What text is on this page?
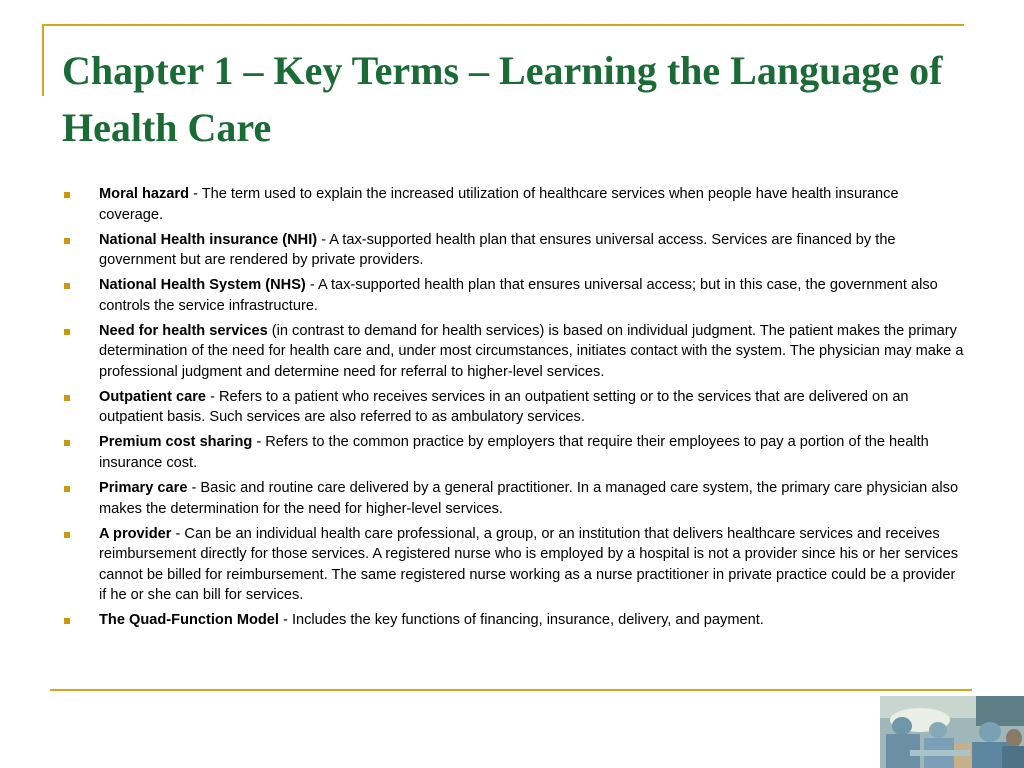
Chapter 1 – Key Terms – Learning the Language of Health Care
Moral hazard - The term used to explain the increased utilization of healthcare services when people have health insurance coverage.
National Health insurance (NHI) - A tax-supported health plan that ensures universal access. Services are financed by the government but are rendered by private providers.
National Health System (NHS) - A tax-supported health plan that ensures universal access; but in this case, the government also controls the service infrastructure.
Need for health services (in contrast to demand for health services) is based on individual judgment. The patient makes the primary determination of the need for health care and, under most circumstances, initiates contact with the system. The physician may make a professional judgment and determine need for referral to higher-level services.
Outpatient care - Refers to a patient who receives services in an outpatient setting or to the services that are delivered on an outpatient basis. Such services are also referred to as ambulatory services.
Premium cost sharing - Refers to the common practice by employers that require their employees to pay a portion of the health insurance cost.
Primary care - Basic and routine care delivered by a general practitioner. In a managed care system, the primary care physician also makes the determination for the need for higher-level services.
A provider - Can be an individual health care professional, a group, or an institution that delivers healthcare services and receives reimbursement directly for those services. A registered nurse who is employed by a hospital is not a provider since his or her services cannot be billed for reimbursement. The same registered nurse working as a nurse practitioner in private practice could be a provider if he or she can bill for services.
The Quad-Function Model - Includes the key functions of financing, insurance, delivery, and payment.
